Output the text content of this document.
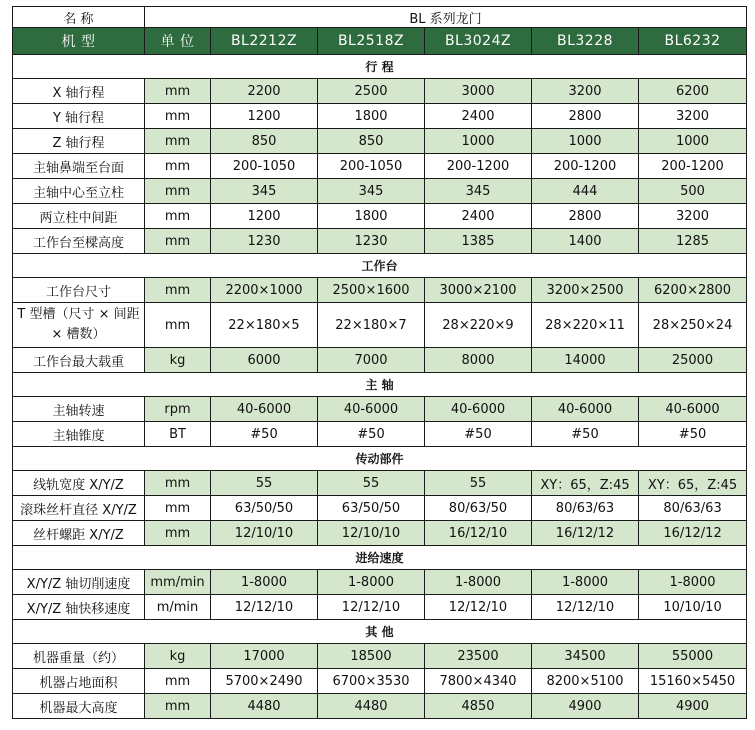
名 称	BL 系列龙门					
机 型	单 位	BL2212Z	BL2518Z	BL3024Z	BL3228	BL6232
行 程						
X 轴行程	mm	2200	2500	3000	3200	6200
Y 轴行程	mm	1200	1800	2400	2800	3200
Z 轴行程	mm	850	850	1000	1000	1000
主轴鼻端至台面	mm	200-1050	200-1050	200-1200	200-1200	200-1200
主轴中心至立柱	mm	345	345	345	444	500
两立柱中间距	mm	1200	1800	2400	2800	3200
工作台至樑高度	mm	1230	1230	1385	1400	1285
工作台						
工作台尺寸	mm	2200×1000	2500×1600	3000×2100	3200×2500	6200×2800
T 型槽（尺寸 × 间距 × 槽数）	mm	22×180×5	22×180×7	28×220×9	28×220×11	28×250×24
工作台最大载重	kg	6000	7000	8000	14000	25000
主 轴						
主轴转速	rpm	40-6000	40-6000	40-6000	40-6000	40-6000
主轴锥度	BT	#50	#50	#50	#50	#50
传动部件						
线轨宽度 X/Y/Z	mm	55	55	55	XY：65，Z:45	XY：65，Z:45
滚珠丝杆直径 X/Y/Z	mm	63/50/50	63/50/50	80/63/50	80/63/63	80/63/63
丝杆螺距 X/Y/Z	mm	12/10/10	12/10/10	16/12/10	16/12/12	16/12/12
进给速度						
X/Y/Z 轴切削速度	mm/min	1-8000	1-8000	1-8000	1-8000	1-8000
X/Y/Z 轴快移速度	m/min	12/12/10	12/12/10	12/12/10	12/12/10	10/10/10
其 他						
机器重量（约）	kg	17000	18500	23500	34500	55000
机器占地面积	mm	5700×2490	6700×3530	7800×4340	8200×5100	15160×5450
机器最大高度	mm	4480	4480	4850	4900	4900
